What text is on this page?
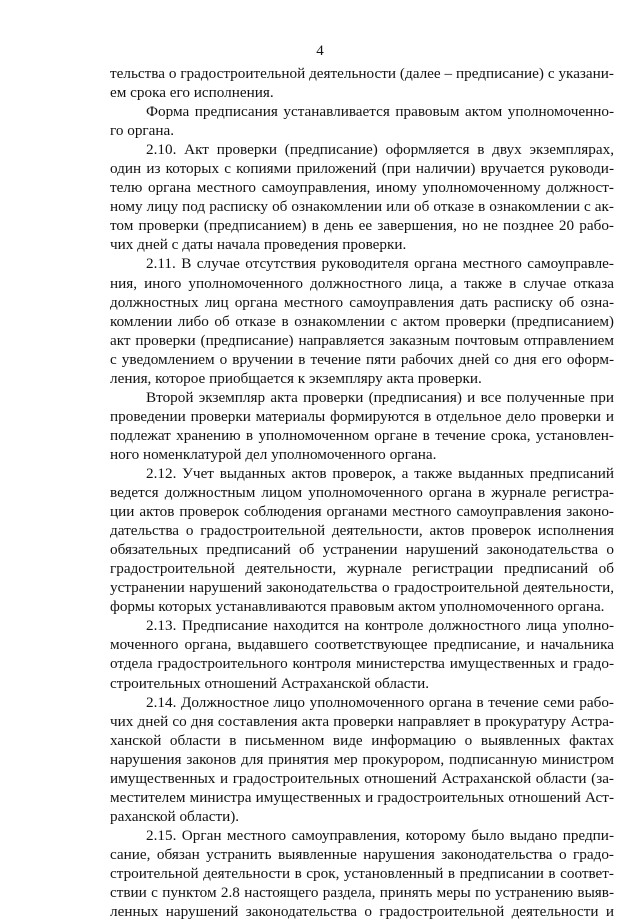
4
тельства о градостроительной деятельности (далее – предписание) с указани-
ем срока его исполнения.
Форма предписания устанавливается правовым актом уполномоченно-
го органа.
2.10. Акт проверки (предписание) оформляется в двух экземплярах,
один из которых с копиями приложений (при наличии) вручается руководи-
телю органа местного самоуправления, иному уполномоченному должност-
ному лицу под расписку об ознакомлении или об отказе в ознакомлении с ак-
том проверки (предписанием) в день ее завершения, но не позднее 20 рабо-
чих дней с даты начала проведения проверки.
2.11. В случае отсутствия руководителя органа местного самоуправле-
ния, иного уполномоченного должностного лица, а также в случае отказа
должностных лиц органа местного самоуправления дать расписку об озна-
комлении либо об отказе в ознакомлении с актом проверки (предписанием)
акт проверки (предписание) направляется заказным почтовым отправлением
с уведомлением о вручении в течение пяти рабочих дней со дня его оформ-
ления, которое приобщается к экземпляру акта проверки.
Второй экземпляр акта проверки (предписания) и все полученные при
проведении проверки материалы формируются в отдельное дело проверки и
подлежат хранению в уполномоченном органе в течение срока, установлен-
ного номенклатурой дел уполномоченного органа.
2.12. Учет выданных актов проверок, а также выданных предписаний
ведется должностным лицом уполномоченного органа в журнале регистра-
ции актов проверок соблюдения органами местного самоуправления законо-
дательства о градостроительной деятельности, актов проверок исполнения
обязательных предписаний об устранении нарушений законодательства о
градостроительной деятельности, журнале регистрации предписаний об
устранении нарушений законодательства о градостроительной деятельности,
формы которых устанавливаются правовым актом уполномоченного органа.
2.13. Предписание находится на контроле должностного лица уполно-
моченного органа, выдавшего соответствующее предписание, и начальника
отдела градостроительного контроля министерства имущественных и градо-
строительных отношений Астраханской области.
2.14. Должностное лицо уполномоченного органа в течение семи рабо-
чих дней со дня составления акта проверки направляет в прокуратуру Астра-
ханской области в письменном виде информацию о выявленных фактах
нарушения законов для принятия мер прокурором, подписанную министром
имущественных и градостроительных отношений Астраханской области (за-
местителем министра имущественных и градостроительных отношений Аст-
раханской области).
2.15. Орган местного самоуправления, которому было выдано предпи-
сание, обязан устранить выявленные нарушения законодательства о градо-
строительной деятельности в срок, установленный в предписании в соответ-
ствии с пунктом 2.8 настоящего раздела, принять меры по устранению выяв-
ленных нарушений законодательства о градостроительной деятельности и
